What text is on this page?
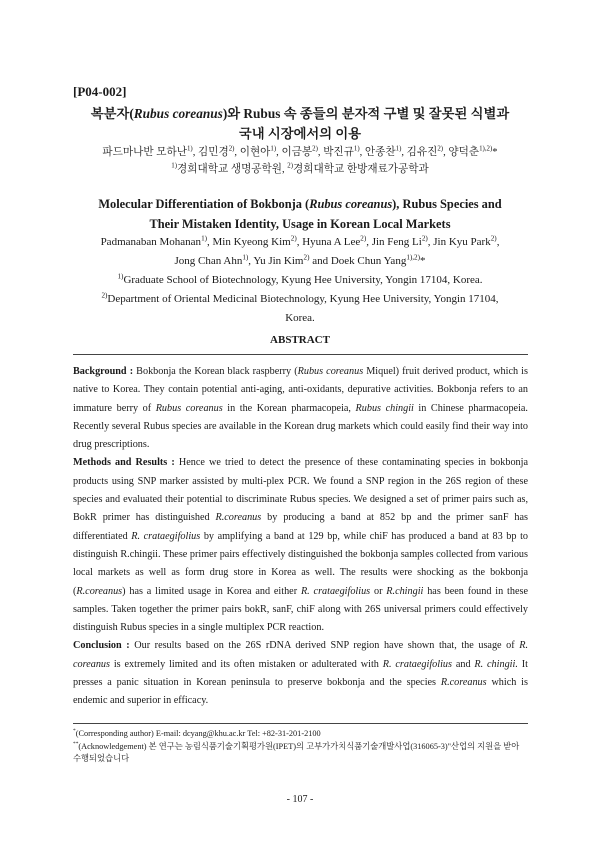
[P04-002]
복분자(Rubus coreanus)와 Rubus 속 종들의 분자적 구별 및 잘못된 식별과
국내 시장에서의 이용
파드마나반 모하난$^{1)}$, 김민경$^{2)}$, 이현아$^{1)}$, 이금봉$^{2)}$, 박진규$^{1)}$, 안종찬$^{1)}$, 김유진$^{2)}$, 양덕춘$^{1),2)}$*
$^{1)}$경희대학교 생명공학원, $^{2)}$경희대학교 한방재료가공학과
Molecular Differentiation of Bokbonja (Rubus coreanus), Rubus Species and
Their Mistaken Identity, Usage in Korean Local Markets
Padmanaban Mohanan$^{1)}$, Min Kyeong Kim$^{2)}$, Hyuna A Lee$^{2)}$, Jin Feng Li$^{2)}$, Jin Kyu Park$^{2)}$,
Jong Chan Ahn$^{1)}$, Yu Jin Kim$^{2)}$ and Doek Chun Yang$^{1),2)}$*
$^{1)}$Graduate School of Biotechnology, Kyung Hee University, Yongin 17104, Korea.
$^{2)}$Department of Oriental Medicinal Biotechnology, Kyung Hee University, Yongin 17104,
Korea.
ABSTRACT

Background : Bokbonja the Korean black raspberry (Rubus coreanus Miquel) fruit derived product, which is native to Korea. They contain potential anti-aging, anti-oxidants, depurative activities. Bokbonja refers to an immature berry of Rubus coreanus in the Korean pharmacopeia, Rubus chingii in Chinese pharmacopeia. Recently several Rubus species are available in the Korean drug markets which could easily find their way into drug prescriptions.

Methods and Results : Hence we tried to detect the presence of these contaminating species in bokbonja products using SNP marker assisted by multi-plex PCR. We found a SNP region in the 26S region of these species and evaluated their potential to discriminate Rubus species. We designed a set of primer pairs such as, BokR primer has distinguished R.coreanus by producing a band at 852 bp and the primer sanF has differentiated R. crataegifolius by amplifying a band at 129 bp, while chiF has produced a band at 83 bp to distinguish R.chingii. These primer pairs effectively distinguished the bokbonja samples collected from various local markets as well as form drug store in Korea as well. The results were shocking as the bokbonja (R.coreanus) has a limited usage in Korea and either R. crataegifolius or R.chingii has been found in these samples. Taken together the primer pairs bokR, sanF, chiF along with 26S universal primers could effectively distinguish Rubus species in a single multiplex PCR reaction.

Conclusion : Our results based on the 26S rDNA derived SNP region have shown that, the usage of R. coreanus is extremely limited and its often mistaken or adulterated with R. crataegifolius and R. chingii. It presses a panic situation in Korean peninsula to preserve bokbonja and the species R.coreanus which is endemic and superior in efficacy.

*(Corresponding author) E-mail: dcyang@khu.ac.kr Tel: +82-31-201-2100

**(Acknowledgement) 본 연구는 농림식품기술기획평가원(IPET)의 고부가가치식품기술개발사업(316065-3)"산업의 지원을 받아 수행되었습니다

- 107 -
